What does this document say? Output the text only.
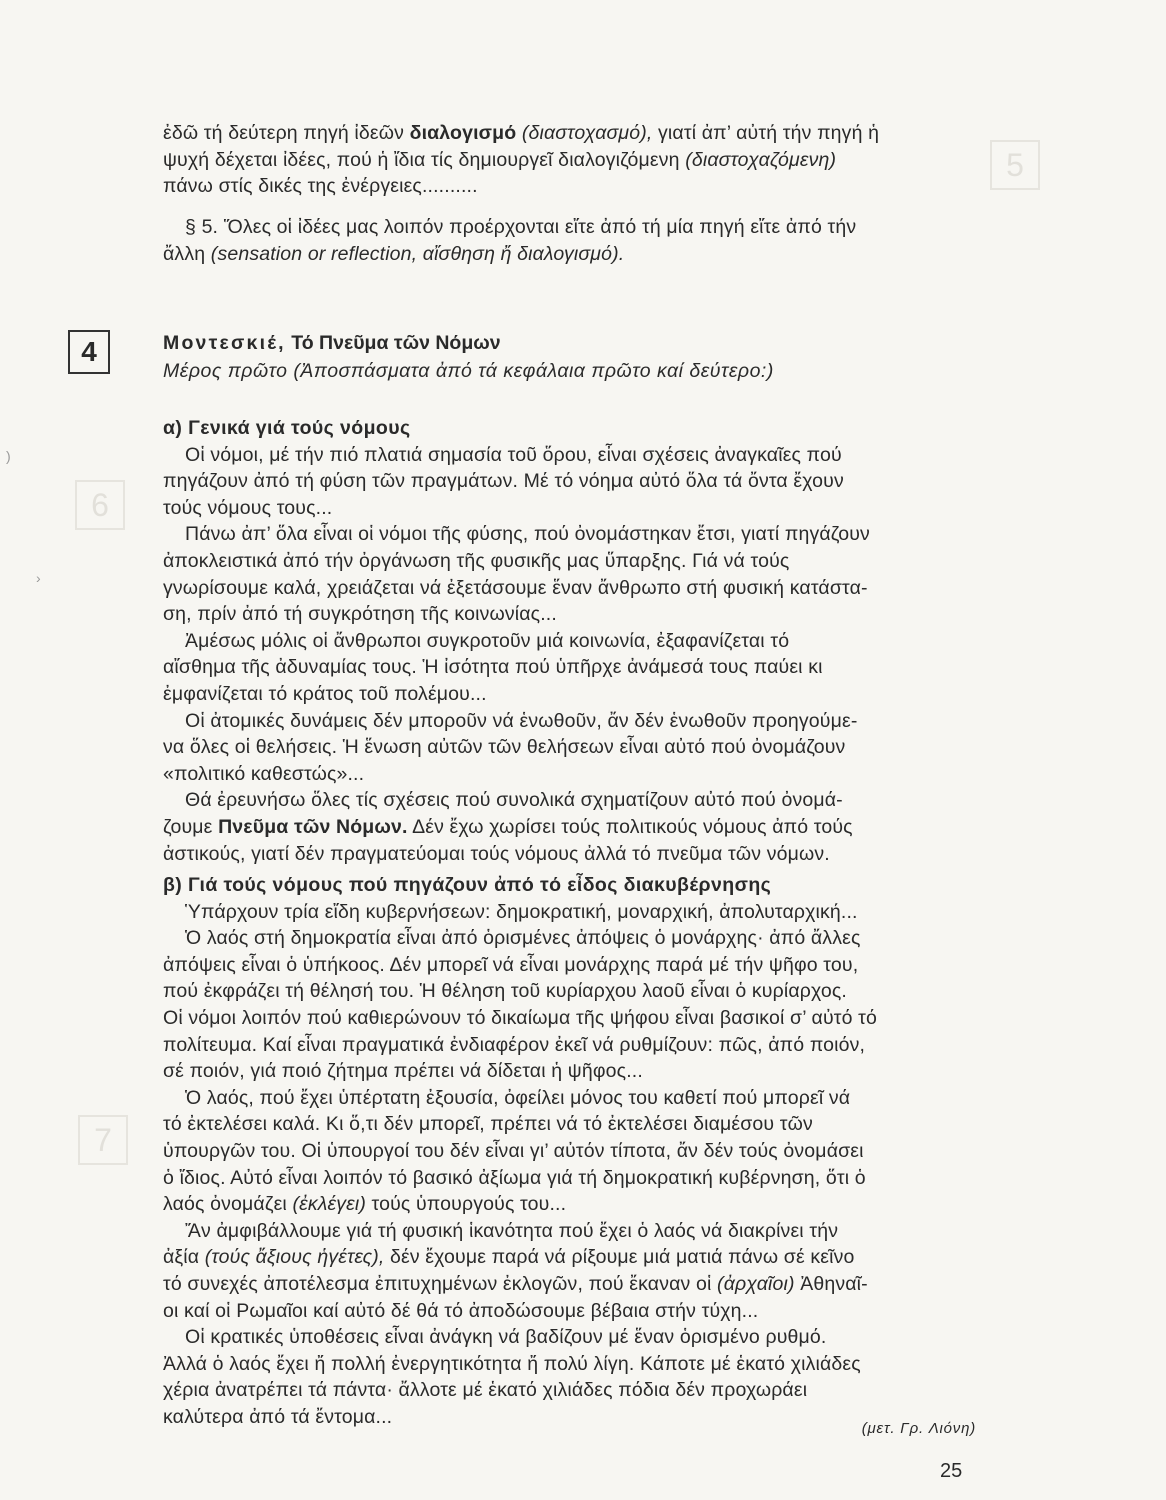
5
6
7
)
›

ἐδῶ τή δεύτερη πηγή ἰδεῶν διαλογισμό (διαστοχασμό), γιατί ἀπ’ αὐτή τήν πηγή ἡ

ψυχή δέχεται ἰδέες, πού ἡ ἴδια τίς δημιουργεῖ διαλογιζόμενη (διαστοχαζόμενη)

πάνω στίς δικές της ἐνέργειες..........

§ 5. Ὅλες οἱ ἰδέες μας λοιπόν προέρχονται εἴτε ἀπό τή μία πηγή εἴτε ἀπό τήν

ἄλλη (sensation or reflection, αἴσθηση ἤ διαλογισμό).

4	Μοντεσκιέ, Τό Πνεῦμα τῶν Νόμων
Μέρος πρῶτο (Ἀποσπάσματα ἀπό τά κεφάλαια πρῶτο καί δεύτερο:)
α) Γενικά γιά τούς νόμους

Οἱ νόμοι, μέ τήν πιό πλατιά σημασία τοῦ ὅρου, εἶναι σχέσεις ἀναγκαῖες πού

πηγάζουν ἀπό τή φύση τῶν πραγμάτων. Μέ τό νόημα αὐτό ὅλα τά ὄντα ἔχουν

τούς νόμους τους...

Πάνω ἀπ’ ὅλα εἶναι οἱ νόμοι τῆς φύσης, πού ὀνομάστηκαν ἔτσι, γιατί πηγάζουν

ἀποκλειστικά ἀπό τήν ὀργάνωση τῆς φυσικῆς μας ὕπαρξης. Γιά νά τούς

γνωρίσουμε καλά, χρειάζεται νά ἐξετάσουμε ἕναν ἄνθρωπο στή φυσική κατάστα-

ση, πρίν ἀπό τή συγκρότηση τῆς κοινωνίας...

Ἀμέσως μόλις οἱ ἄνθρωποι συγκροτοῦν μιά κοινωνία, ἐξαφανίζεται τό

αἴσθημα τῆς ἀδυναμίας τους. Ἡ ἰσότητα πού ὑπῆρχε ἀνάμεσά τους παύει κι

ἐμφανίζεται τό κράτος τοῦ πολέμου...

Οἱ ἀτομικές δυνάμεις δέν μποροῦν νά ἑνωθοῦν, ἄν δέν ἑνωθοῦν προηγούμε-

να ὅλες οἱ θελήσεις. Ἡ ἕνωση αὐτῶν τῶν θελήσεων εἶναι αὐτό πού ὀνομάζουν

«πολιτικό καθεστώς»...

Θά ἐρευνήσω ὅλες τίς σχέσεις πού συνολικά σχηματίζουν αὐτό πού ὀνομά-

ζουμε Πνεῦμα τῶν Νόμων. Δέν ἔχω χωρίσει τούς πολιτικούς νόμους ἀπό τούς

ἀστικούς, γιατί δέν πραγματεύομαι τούς νόμους ἀλλά τό πνεῦμα τῶν νόμων.

β) Γιά τούς νόμους πού πηγάζουν ἀπό τό εἶδος διακυβέρνησης

Ὑπάρχουν τρία εἴδη κυβερνήσεων: δημοκρατική, μοναρχική, ἀπολυταρχική...

Ὁ λαός στή δημοκρατία εἶναι ἀπό ὁρισμένες ἀπόψεις ὁ μονάρχης· ἀπό ἄλλες

ἀπόψεις εἶναι ὁ ὑπήκοος. Δέν μπορεῖ νά εἶναι μονάρχης παρά μέ τήν ψῆφο του,

πού ἐκφράζει τή θέλησή του. Ἡ θέληση τοῦ κυρίαρχου λαοῦ εἶναι ὁ κυρίαρχος.

Οἱ νόμοι λοιπόν πού καθιερώνουν τό δικαίωμα τῆς ψήφου εἶναι βασικοί σ’ αὐτό τό

πολίτευμα. Καί εἶναι πραγματικά ἐνδιαφέρον ἐκεῖ νά ρυθμίζουν: πῶς, ἀπό ποιόν,

σέ ποιόν, γιά ποιό ζήτημα πρέπει νά δίδεται ἡ ψῆφος...

Ὁ λαός, πού ἔχει ὑπέρτατη ἐξουσία, ὀφείλει μόνος του καθετί πού μπορεῖ νά

τό ἐκτελέσει καλά. Κι ὅ,τι δέν μπορεῖ, πρέπει νά τό ἐκτελέσει διαμέσου τῶν

ὑπουργῶν του. Οἱ ὑπουργοί του δέν εἶναι γι’ αὐτόν τίποτα, ἄν δέν τούς ὀνομάσει

ὁ ἴδιος. Αὐτό εἶναι λοιπόν τό βασικό ἀξίωμα γιά τή δημοκρατική κυβέρνηση, ὅτι ὁ

λαός ὀνομάζει (ἐκλέγει) τούς ὑπουργούς του...

Ἄν ἀμφιβάλλουμε γιά τή φυσική ἱκανότητα πού ἔχει ὁ λαός νά διακρίνει τήν

ἀξία (τούς ἄξιους ἡγέτες), δέν ἔχουμε παρά νά ρίξουμε μιά ματιά πάνω σέ κεῖνο

τό συνεχές ἀποτέλεσμα ἐπιτυχημένων ἐκλογῶν, πού ἔκαναν οἱ (ἀρχαῖοι) Ἀθηναῖ-

οι καί οἱ Ρωμαῖοι καί αὐτό δέ θά τό ἀποδώσουμε βέβαια στήν τύχη...

Οἱ κρατικές ὑποθέσεις εἶναι ἀνάγκη νά βαδίζουν μέ ἕναν ὁρισμένο ρυθμό.

Ἀλλά ὁ λαός ἔχει ἤ πολλή ἐνεργητικότητα ἤ πολύ λίγη. Κάποτε μέ ἑκατό χιλιάδες

χέρια ἀνατρέπει τά πάντα· ἄλλοτε μέ ἑκατό χιλιάδες πόδια δέν προχωράει

καλύτερα ἀπό τά ἔντομα...

(μετ. Γρ. Λιόνη)
25
